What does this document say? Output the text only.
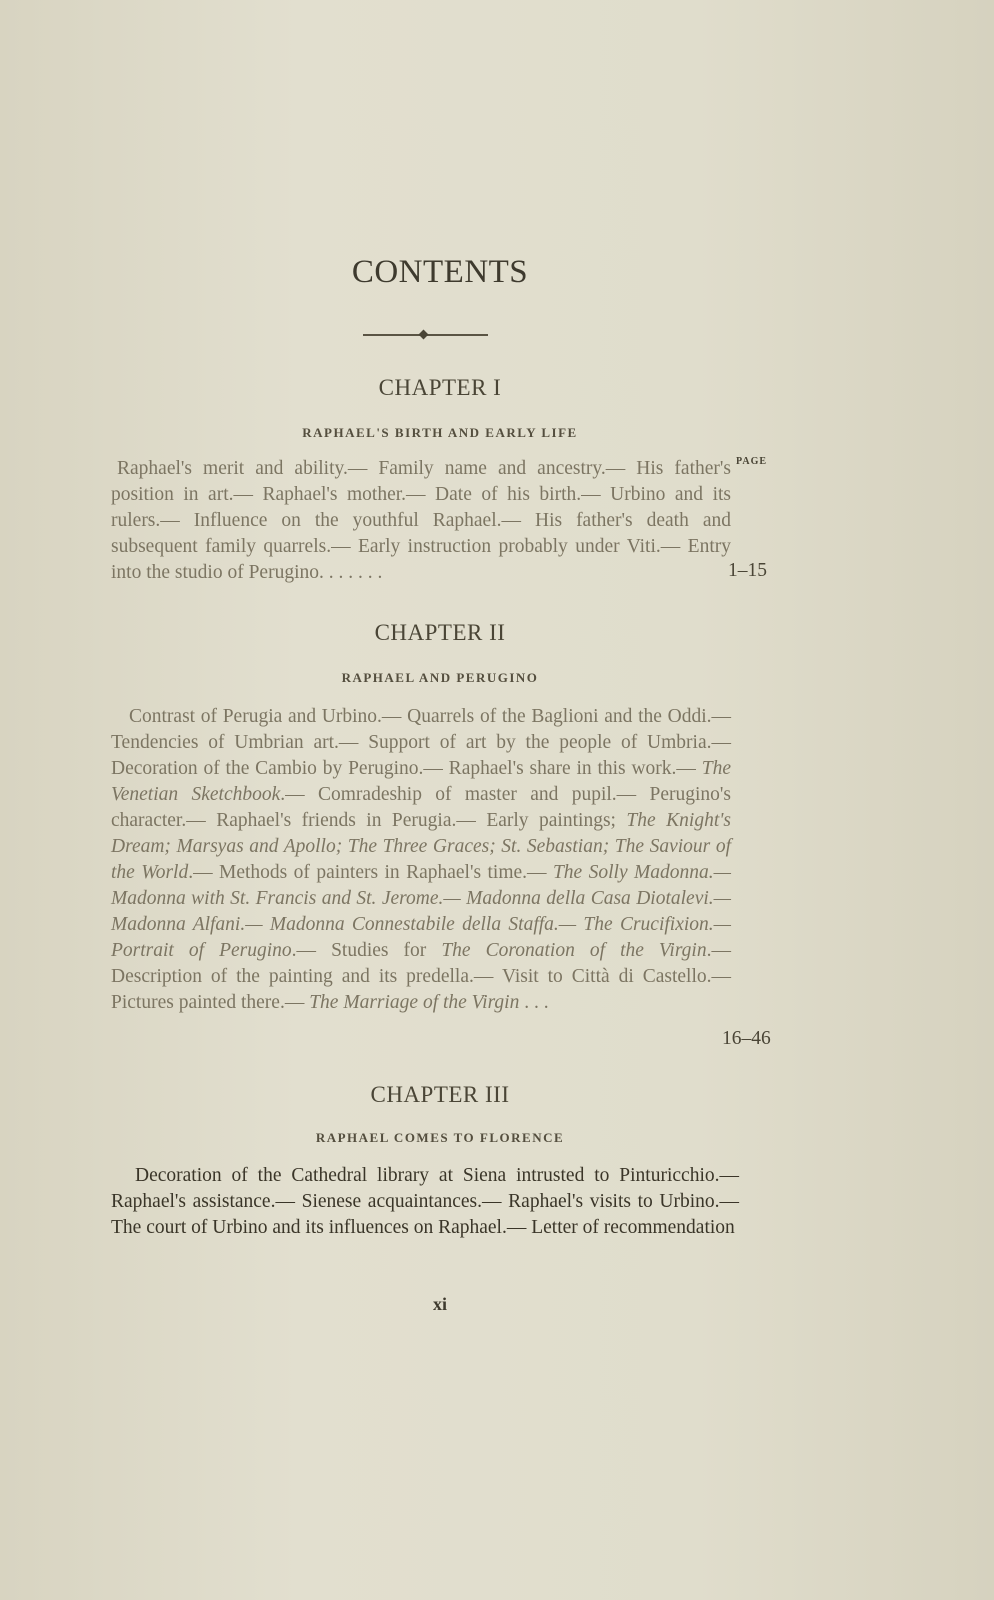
CONTENTS
CHAPTER I
RAPHAEL'S BIRTH AND EARLY LIFE
PAGE
Raphael's merit and ability.— Family name and ancestry.— His father's position in art.— Raphael's mother.— Date of his birth.— Urbino and its rulers.— Influence on the youthful Raphael.— His father's death and subsequent family quarrels.— Early instruction probably under Viti.— Entry into the studio of Perugino. . . . . . .	1–15
CHAPTER II
RAPHAEL AND PERUGINO
Contrast of Perugia and Urbino.— Quarrels of the Baglioni and the Oddi.— Tendencies of Umbrian art.— Support of art by the people of Umbria.— Decoration of the Cambio by Perugino.— Raphael's share in this work.— The Venetian Sketchbook.— Comradeship of master and pupil.— Perugino's character.— Raphael's friends in Perugia.— Early paintings; The Knight's Dream; Marsyas and Apollo; The Three Graces; St. Sebastian; The Saviour of the World.— Methods of painters in Raphael's time.— The Solly Madonna.— Madonna with St. Francis and St. Jerome.— Madonna della Casa Diotalevi.— Madonna Alfani.— Madonna Connestabile della Staffa.— The Crucifixion.— Portrait of Perugino.— Studies for The Coronation of the Virgin.— Description of the painting and its predella.— Visit to Città di Castello.— Pictures painted there.— The Marriage of the Virgin . . .
16–46
CHAPTER III
RAPHAEL COMES TO FLORENCE
Decoration of the Cathedral library at Siena intrusted to Pinturicchio.— Raphael's assistance.— Sienese acquaintances.— Raphael's visits to Urbino.— The court of Urbino and its influences on Raphael.— Letter of recommendation
xi
